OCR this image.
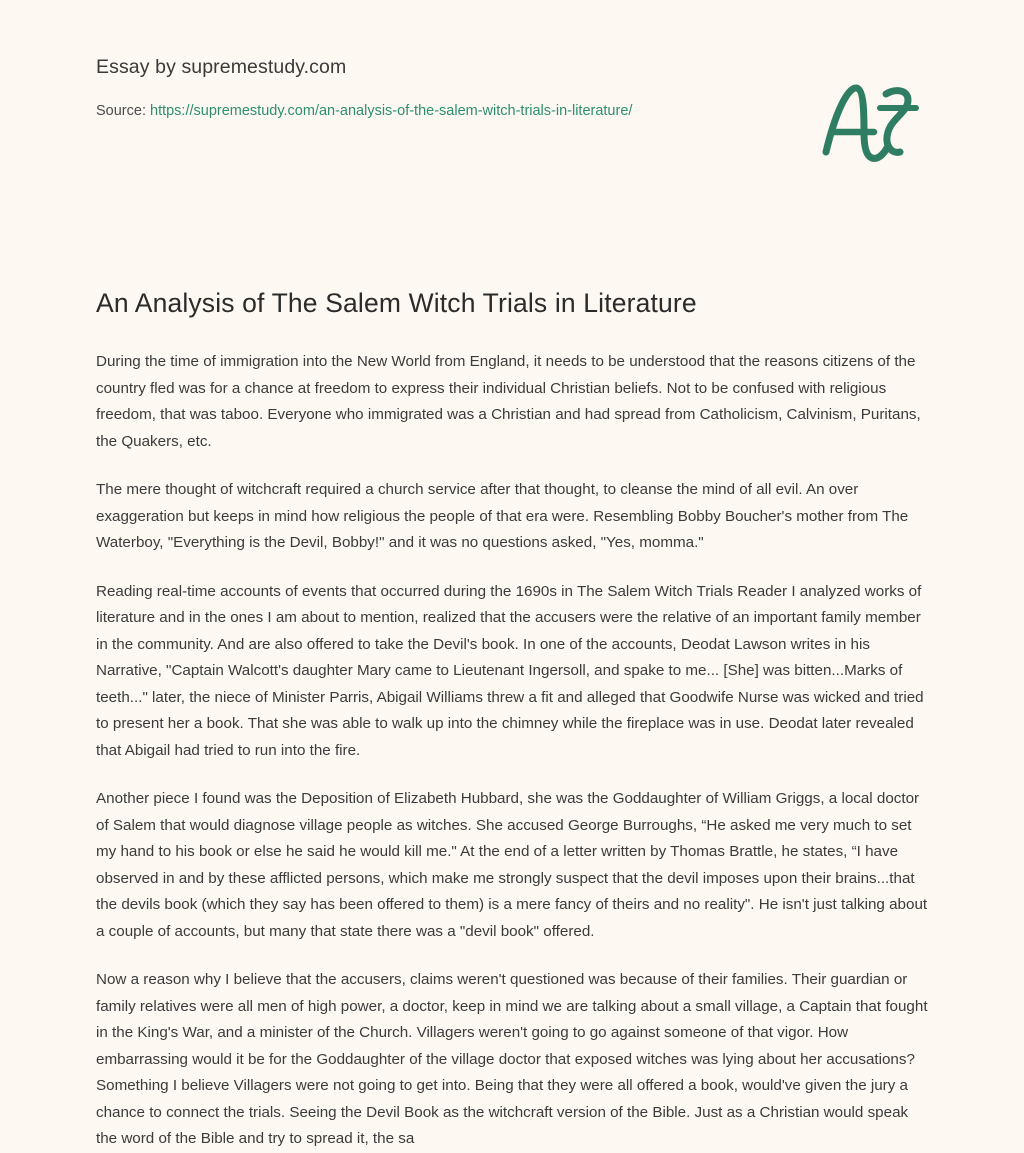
Essay by supremestudy.com
Source: https://supremestudy.com/an-analysis-of-the-salem-witch-trials-in-literature/
An Analysis of The Salem Witch Trials in Literature

During the time of immigration into the New World from England, it needs to be understood that the reasons citizens of the country fled was for a chance at freedom to express their individual Christian beliefs. Not to be confused with religious freedom, that was taboo. Everyone who immigrated was a Christian and had spread from Catholicism, Calvinism, Puritans, the Quakers, etc.

The mere thought of witchcraft required a church service after that thought, to cleanse the mind of all evil. An over exaggeration but keeps in mind how religious the people of that era were. Resembling Bobby Boucher's mother from The Waterboy, "Everything is the Devil, Bobby!" and it was no questions asked, "Yes, momma."

Reading real-time accounts of events that occurred during the 1690s in The Salem Witch Trials Reader I analyzed works of literature and in the ones I am about to mention, realized that the accusers were the relative of an important family member in the community. And are also offered to take the Devil's book. In one of the accounts, Deodat Lawson writes in his Narrative, "Captain Walcott's daughter Mary came to Lieutenant Ingersoll, and spake to me... [She] was bitten...Marks of teeth..." later, the niece of Minister Parris, Abigail Williams threw a fit and alleged that Goodwife Nurse was wicked and tried to present her a book. That she was able to walk up into the chimney while the fireplace was in use. Deodat later revealed that Abigail had tried to run into the fire.

Another piece I found was the Deposition of Elizabeth Hubbard, she was the Goddaughter of William Griggs, a local doctor of Salem that would diagnose village people as witches. She accused George Burroughs, “He asked me very much to set my hand to his book or else he said he would kill me." At the end of a letter written by Thomas Brattle, he states, “I have observed in and by these afflicted persons, which make me strongly suspect that the devil imposes upon their brains...that the devils book (which they say has been offered to them) is a mere fancy of theirs and no reality". He isn't just talking about a couple of accounts, but many that state there was a "devil book" offered.

Now a reason why I believe that the accusers, claims weren't questioned was because of their families. Their guardian or family relatives were all men of high power, a doctor, keep in mind we are talking about a small village, a Captain that fought in the King's War, and a minister of the Church. Villagers weren't going to go against someone of that vigor. How embarrassing would it be for the Goddaughter of the village doctor that exposed witches was lying about her accusations? Something I believe Villagers were not going to get into. Being that they were all offered a book, would've given the jury a chance to connect the trials. Seeing the Devil Book as the witchcraft version of the Bible. Just as a Christian would speak the word of the Bible and try to spread it, the sa
